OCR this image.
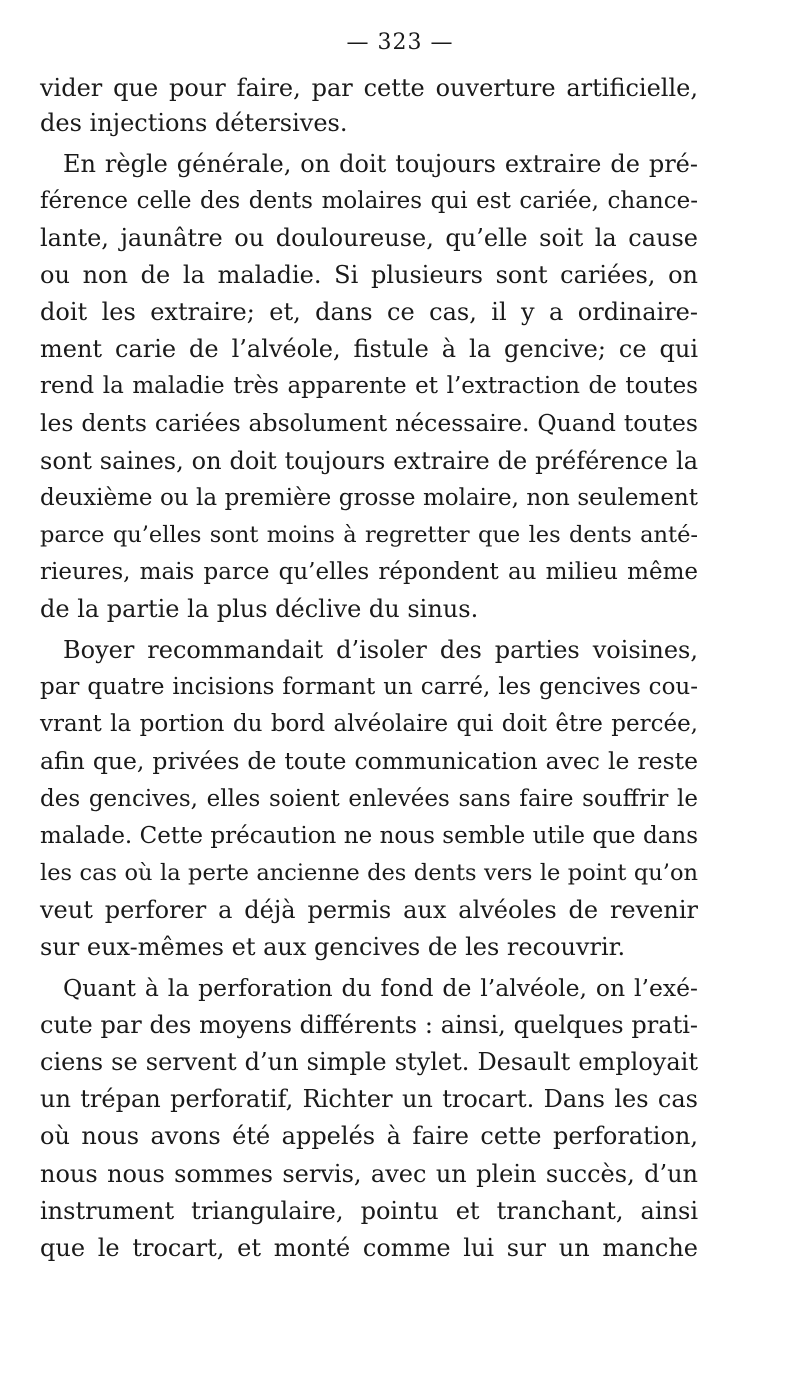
— 323 —
vider que pour faire, par cette ouverture artificielle,
des injections détersives.
En règle générale, on doit toujours extraire de pré-
férence celle des dents molaires qui est cariée, chance-
lante, jaunâtre ou douloureuse, qu’elle soit la cause
ou non de la maladie. Si plusieurs sont cariées, on
doit les extraire; et, dans ce cas, il y a ordinaire-
ment carie de l’alvéole, fistule à la gencive; ce qui
rend la maladie très apparente et l’extraction de toutes
les dents cariées absolument nécessaire. Quand toutes
sont saines, on doit toujours extraire de préférence la
deuxième ou la première grosse molaire, non seulement
parce qu’elles sont moins à regretter que les dents anté-
rieures, mais parce qu’elles répondent au milieu même
de la partie la plus déclive du sinus.
Boyer recommandait d’isoler des parties voisines,
par quatre incisions formant un carré, les gencives cou-
vrant la portion du bord alvéolaire qui doit être percée,
afin que, privées de toute communication avec le reste
des gencives, elles soient enlevées sans faire souffrir le
malade. Cette précaution ne nous semble utile que dans
les cas où la perte ancienne des dents vers le point qu’on
veut perforer a déjà permis aux alvéoles de revenir
sur eux-mêmes et aux gencives de les recouvrir.
Quant à la perforation du fond de l’alvéole, on l’exé-
cute par des moyens différents : ainsi, quelques prati-
ciens se servent d’un simple stylet. Desault employait
un trépan perforatif, Richter un trocart. Dans les cas
où nous avons été appelés à faire cette perforation,
nous nous sommes servis, avec un plein succès, d’un
instrument triangulaire, pointu et tranchant, ainsi
que le trocart, et monté comme lui sur un manche
